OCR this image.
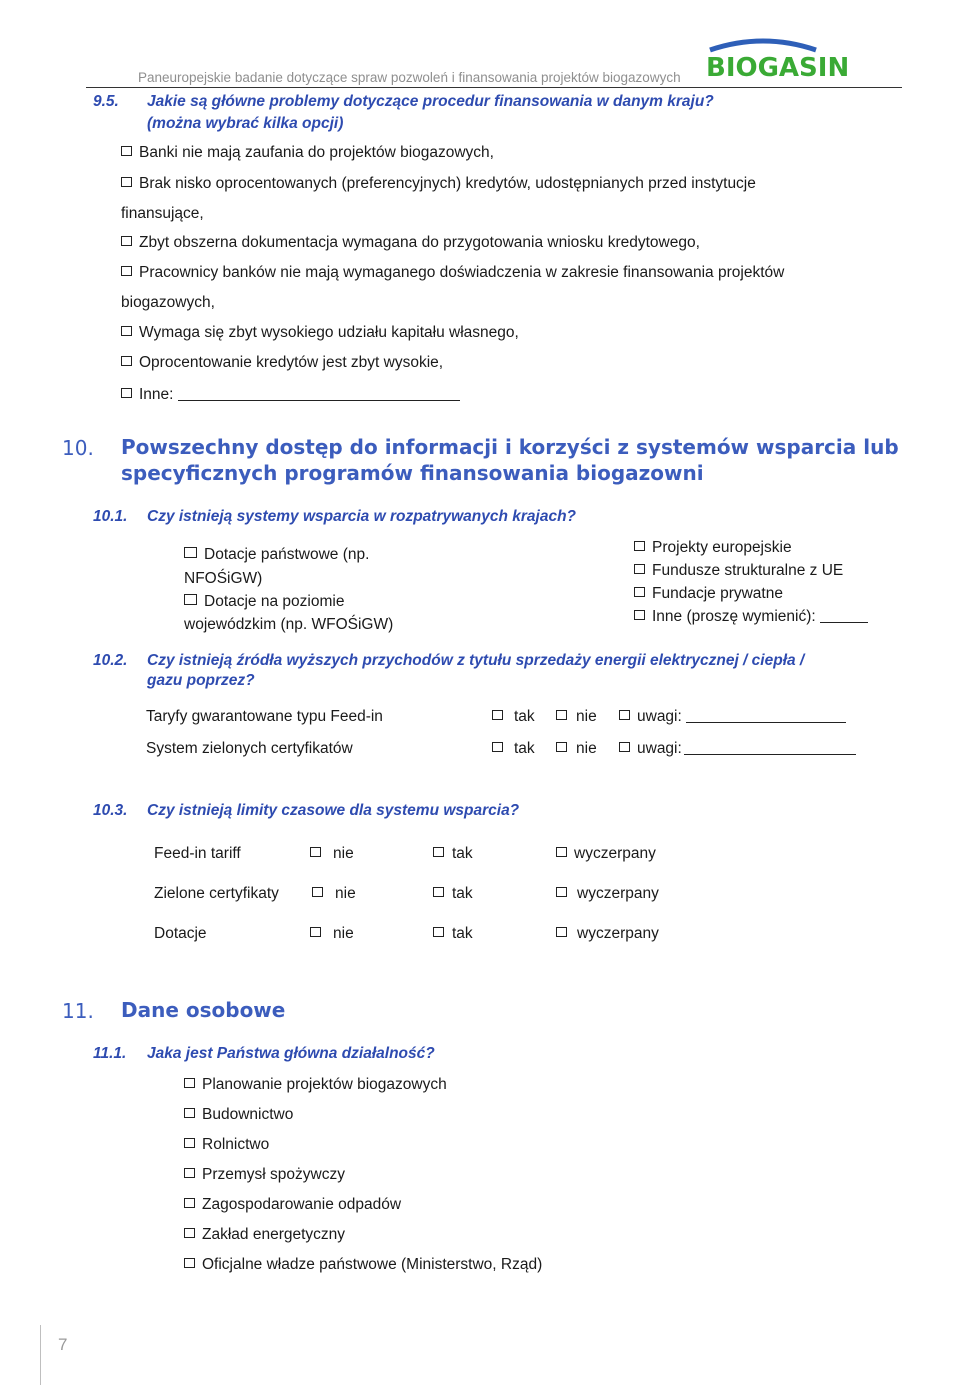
Paneuropejskie badanie dotyczące spraw pozwoleń i finansowania projektów biogazowych BIOGASIN
9.5. Jakie są główne problemy dotyczące procedur finansowania w danym kraju?
(można wybrać kilka opcji)
Banki nie mają zaufania do projektów biogazowych,
Brak nisko oprocentowanych (preferencyjnych) kredytów, udostępnianych przed instytucje
finansujące,
Zbyt obszerna dokumentacja wymagana do przygotowania wniosku kredytowego,
Pracownicy banków nie mają wymaganego doświadczenia w zakresie finansowania projektów
biogazowych,
Wymaga się zbyt wysokiego udziału kapitału własnego,
Oprocentowanie kredytów jest zbyt wysokie,
Inne:
10. Powszechny dostęp do informacji i korzyści z systemów wsparcia lub
specyficznych programów finansowania biogazowni
10.1. Czy istnieją systemy wsparcia w rozpatrywanych krajach?
Dotacje państwowe (np.
NFOŚiGW)
Dotacje na poziomie
wojewódzkim (np. WFOŚiGW)
Projekty europejskie
Fundusze strukturalne z UE
Fundacje prywatne
Inne (proszę wymienić):
10.2. Czy istnieją źródła wyższych przychodów z tytułu sprzedaży energii elektrycznej / ciepła /
gazu poprzez?
Taryfy gwarantowane typu Feed-in	tak	nie	uwagi:
System zielonych certyfikatów	tak	nie	uwagi:
10.3. Czy istnieją limity czasowe dla systemu wsparcia?
Feed-in tariff	nie	tak	wyczerpany
Zielone certyfikaty	nie	tak	wyczerpany
Dotacje	nie	tak	wyczerpany
11. Dane osobowe
11.1. Jaka jest Państwa główna działalność?
Planowanie projektów biogazowych
Budownictwo
Rolnictwo
Przemysł spożywczy
Zagospodarowanie odpadów
Zakład energetyczny
Oficjalne władze państwowe (Ministerstwo, Rząd)
7
